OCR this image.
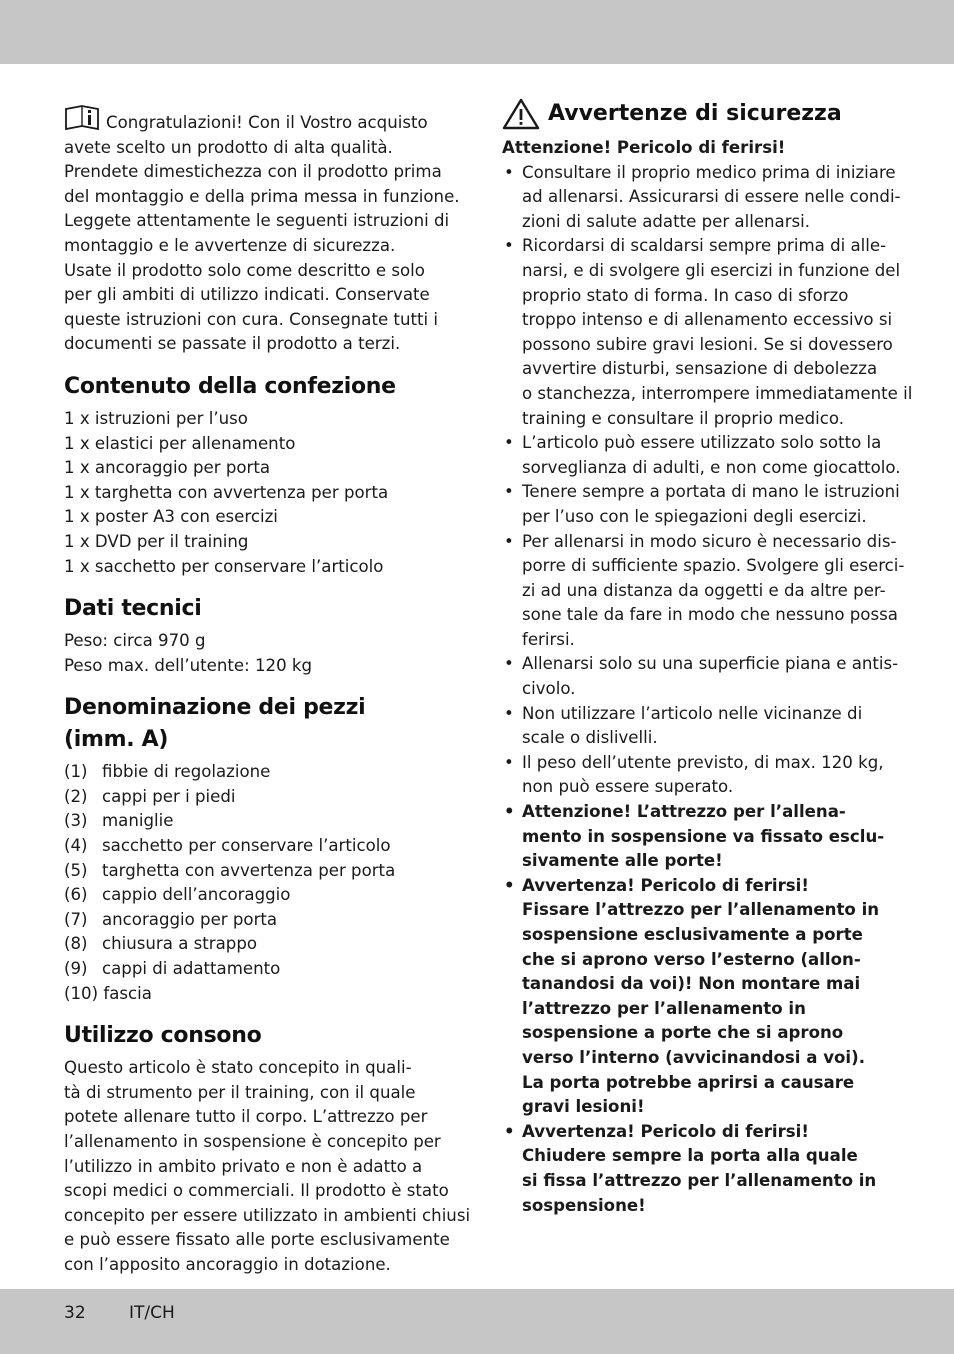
Congratulazioni! Con il Vostro acquisto
avete scelto un prodotto di alta qualità.
Prendete dimestichezza con il prodotto prima
del montaggio e della prima messa in funzione.
Leggete attentamente le seguenti istruzioni di
montaggio e le avvertenze di sicurezza.
Usate il prodotto solo come descritto e solo
per gli ambiti di utilizzo indicati. Conservate
queste istruzioni con cura. Consegnate tutti i
documenti se passate il prodotto a terzi.
Contenuto della confezione
1 x istruzioni per l’uso
1 x elastici per allenamento
1 x ancoraggio per porta
1 x targhetta con avvertenza per porta
1 x poster A3 con esercizi
1 x DVD per il training
1 x sacchetto per conservare l’articolo
Dati tecnici
Peso: circa 970 g
Peso max. dell’utente: 120 kg
Denominazione dei pezzi
(imm. A)
(1) fibbie di regolazione
(2) cappi per i piedi
(3) maniglie
(4) sacchetto per conservare l’articolo
(5) targhetta con avvertenza per porta
(6) cappio dell’ancoraggio
(7) ancoraggio per porta
(8) chiusura a strappo
(9) cappi di adattamento
(10) fascia
Utilizzo consono
Questo articolo è stato concepito in quali-
tà di strumento per il training, con il quale
potete allenare tutto il corpo. L’attrezzo per
l’allenamento in sospensione è concepito per
l’utilizzo in ambito privato e non è adatto a
scopi medici o commerciali. Il prodotto è stato
concepito per essere utilizzato in ambienti chiusi
e può essere fissato alle porte esclusivamente
con l’apposito ancoraggio in dotazione.
Avvertenze di sicurezza
Attenzione! Pericolo di ferirsi!
• Consultare il proprio medico prima di iniziare
ad allenarsi. Assicurarsi di essere nelle condi-
zioni di salute adatte per allenarsi.
• Ricordarsi di scaldarsi sempre prima di alle-
narsi, e di svolgere gli esercizi in funzione del
proprio stato di forma. In caso di sforzo
troppo intenso e di allenamento eccessivo si
possono subire gravi lesioni. Se si dovessero
avvertire disturbi, sensazione di debolezza
o stanchezza, interrompere immediatamente il
training e consultare il proprio medico.
• L’articolo può essere utilizzato solo sotto la
sorveglianza di adulti, e non come giocattolo.
• Tenere sempre a portata di mano le istruzioni
per l’uso con le spiegazioni degli esercizi.
• Per allenarsi in modo sicuro è necessario dis-
porre di sufficiente spazio. Svolgere gli eserci-
zi ad una distanza da oggetti e da altre per-
sone tale da fare in modo che nessuno possa
ferirsi.
• Allenarsi solo su una superficie piana e antis-
civolo.
• Non utilizzare l’articolo nelle vicinanze di
scale o dislivelli.
• Il peso dell’utente previsto, di max. 120 kg,
non può essere superato.
• Attenzione! L’attrezzo per l’allena-
mento in sospensione va fissato esclu-
sivamente alle porte!
• Avvertenza! Pericolo di ferirsi!
Fissare l’attrezzo per l’allenamento in
sospensione esclusivamente a porte
che si aprono verso l’esterno (allon-
tanandosi da voi)! Non montare mai
l’attrezzo per l’allenamento in
sospensione a porte che si aprono
verso l’interno (avvicinandosi a voi).
La porta potrebbe aprirsi a causare
gravi lesioni!
• Avvertenza! Pericolo di ferirsi!
Chiudere sempre la porta alla quale
si fissa l’attrezzo per l’allenamento in
sospensione!
32	IT/CH
